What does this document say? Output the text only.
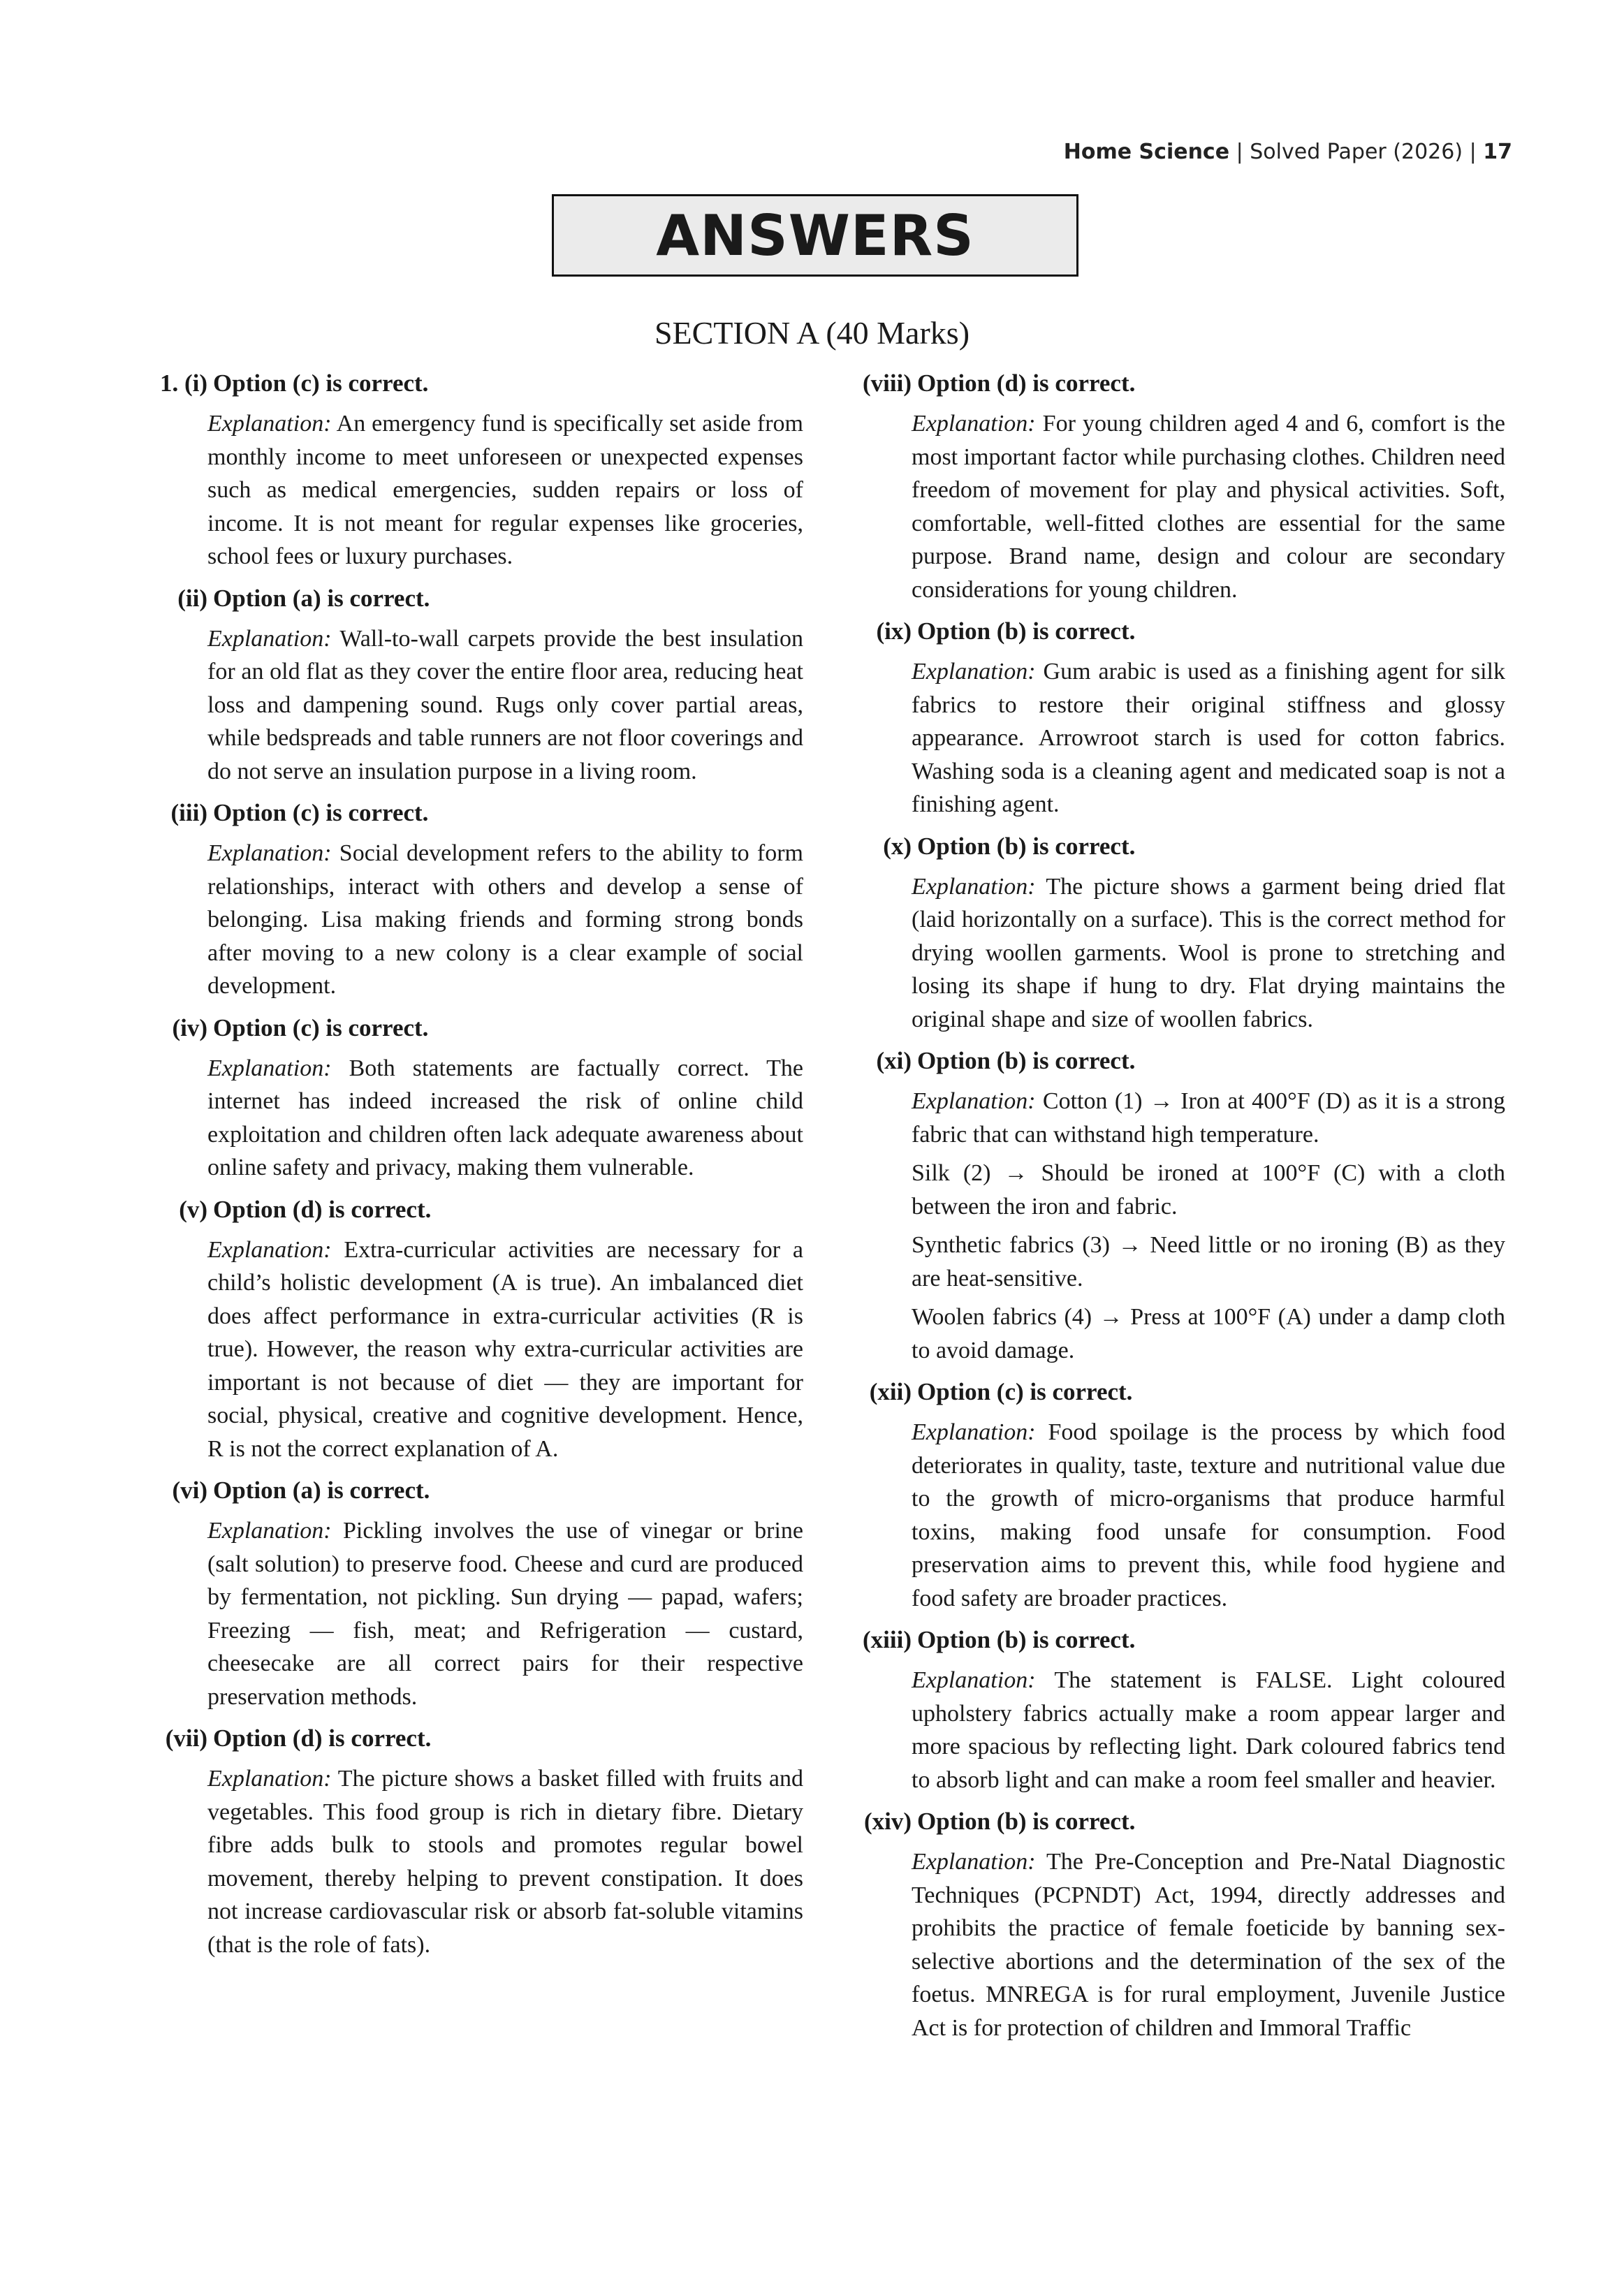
Home Science | Solved Paper (2026) | 17
ANSWERS
SECTION A (40 Marks)
1. (i) Option (c) is correct.
Explanation: An emergency fund is specifically set aside from monthly income to meet unforeseen or unexpected expenses such as medical emergencies, sudden repairs or loss of income. It is not meant for regular expenses like groceries, school fees or luxury purchases.
(ii) Option (a) is correct.
Explanation: Wall-to-wall carpets provide the best insulation for an old flat as they cover the entire floor area, reducing heat loss and dampening sound. Rugs only cover partial areas, while bedspreads and table runners are not floor coverings and do not serve an insulation purpose in a living room.
(iii) Option (c) is correct.
Explanation: Social development refers to the ability to form relationships, interact with others and develop a sense of belonging. Lisa making friends and forming strong bonds after moving to a new colony is a clear example of social development.
(iv) Option (c) is correct.
Explanation: Both statements are factually correct. The internet has indeed increased the risk of online child exploitation and children often lack adequate awareness about online safety and privacy, making them vulnerable.
(v) Option (d) is correct.
Explanation: Extra-curricular activities are necessary for a child’s holistic development (A is true). An imbalanced diet does affect performance in extra-curricular activities (R is true). However, the reason why extra-curricular activities are important is not because of diet — they are important for social, physical, creative and cognitive development. Hence, R is not the correct explanation of A.
(vi) Option (a) is correct.
Explanation: Pickling involves the use of vinegar or brine (salt solution) to preserve food. Cheese and curd are produced by fermentation, not pickling. Sun drying — papad, wafers; Freezing — fish, meat; and Refrigeration — custard, cheesecake are all correct pairs for their respective preservation methods.
(vii) Option (d) is correct.
Explanation: The picture shows a basket filled with fruits and vegetables. This food group is rich in dietary fibre. Dietary fibre adds bulk to stools and promotes regular bowel movement, thereby helping to prevent constipation. It does not increase cardiovascular risk or absorb fat-soluble vitamins (that is the role of fats).
(viii) Option (d) is correct.
Explanation: For young children aged 4 and 6, comfort is the most important factor while purchasing clothes. Children need freedom of movement for play and physical activities. Soft, comfortable, well-fitted clothes are essential for the same purpose. Brand name, design and colour are secondary considerations for young children.
(ix) Option (b) is correct.
Explanation: Gum arabic is used as a finishing agent for silk fabrics to restore their original stiffness and glossy appearance. Arrowroot starch is used for cotton fabrics. Washing soda is a cleaning agent and medicated soap is not a finishing agent.
(x) Option (b) is correct.
Explanation: The picture shows a garment being dried flat (laid horizontally on a surface). This is the correct method for drying woollen garments. Wool is prone to stretching and losing its shape if hung to dry. Flat drying maintains the original shape and size of woollen fabrics.
(xi) Option (b) is correct.
Explanation: Cotton (1) → Iron at 400°F (D) as it is a strong fabric that can withstand high temperature.
Silk (2) → Should be ironed at 100°F (C) with a cloth between the iron and fabric.
Synthetic fabrics (3) → Need little or no ironing (B) as they are heat-sensitive.
Woolen fabrics (4) → Press at 100°F (A) under a damp cloth to avoid damage.
(xii) Option (c) is correct.
Explanation: Food spoilage is the process by which food deteriorates in quality, taste, texture and nutritional value due to the growth of micro-organisms that produce harmful toxins, making food unsafe for consumption. Food preservation aims to prevent this, while food hygiene and food safety are broader practices.
(xiii) Option (b) is correct.
Explanation: The statement is FALSE. Light coloured upholstery fabrics actually make a room appear larger and more spacious by reflecting light. Dark coloured fabrics tend to absorb light and can make a room feel smaller and heavier.
(xiv) Option (b) is correct.
Explanation: The Pre-Conception and Pre-Natal Diagnostic Techniques (PCPNDT) Act, 1994, directly addresses and prohibits the practice of female foeticide by banning sex-selective abortions and the determination of the sex of the foetus. MNREGA is for rural employment, Juvenile Justice Act is for protection of children and Immoral Traffic
